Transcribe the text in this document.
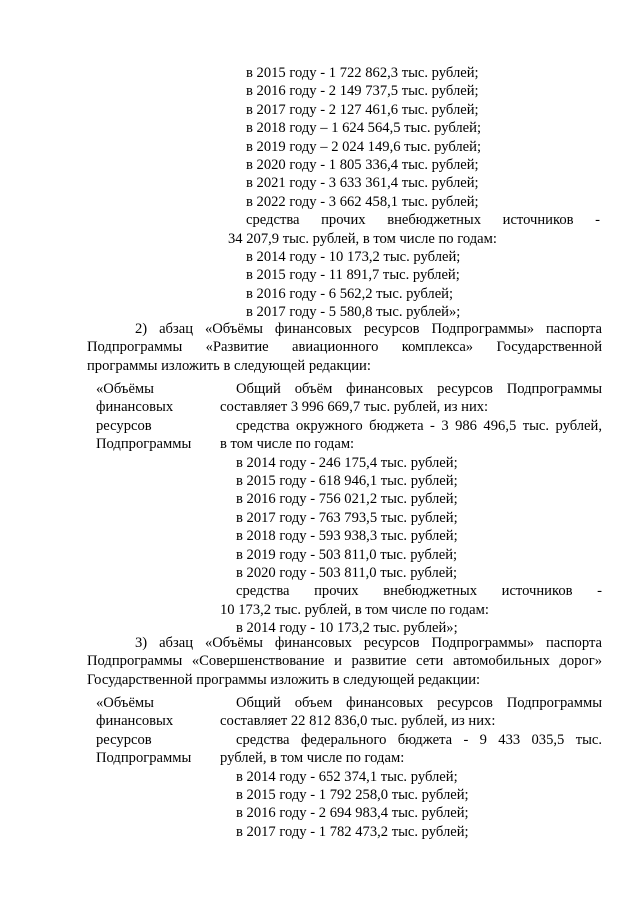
в 2015 году - 1 722 862,3 тыс. рублей;
в 2016 году - 2 149 737,5 тыс. рублей;
в 2017 году - 2 127 461,6 тыс. рублей;
в 2018 году – 1 624 564,5 тыс. рублей;
в 2019 году – 2 024 149,6 тыс. рублей;
в 2020 году - 1 805 336,4 тыс. рублей;
в 2021 году - 3 633 361,4 тыс. рублей;
в 2022 году - 3 662 458,1 тыс. рублей;
средства прочих внебюджетных источников -
34 207,9 тыс. рублей, в том числе по годам:
в 2014 году - 10 173,2 тыс. рублей;
в 2015 году - 11 891,7 тыс. рублей;
в 2016 году - 6 562,2 тыс. рублей;
в 2017 году - 5 580,8 тыс. рублей»;
2) абзац «Объёмы финансовых ресурсов Подпрограммы» паспорта
Подпрограммы «Развитие авиационного комплекса» Государственной
программы изложить в следующей редакции:
«Объёмы
финансовых
ресурсов
Подпрограммы
Общий объём финансовых ресурсов Подпрограммы
составляет 3 996 669,7 тыс. рублей, из них:
средства окружного бюджета - 3 986 496,5 тыс. рублей,
в том числе по годам:
в 2014 году - 246 175,4 тыс. рублей;
в 2015 году - 618 946,1 тыс. рублей;
в 2016 году - 756 021,2 тыс. рублей;
в 2017 году - 763 793,5 тыс. рублей;
в 2018 году - 593 938,3 тыс. рублей;
в 2019 году - 503 811,0 тыс. рублей;
в 2020 году - 503 811,0 тыс. рублей;
средства прочих внебюджетных источников -
10 173,2 тыс. рублей, в том числе по годам:
в 2014 году - 10 173,2 тыс. рублей»;
3) абзац «Объёмы финансовых ресурсов Подпрограммы» паспорта
Подпрограммы «Совершенствование и развитие сети автомобильных дорог»
Государственной программы изложить в следующей редакции:
«Объёмы
финансовых
ресурсов
Подпрограммы
Общий объем финансовых ресурсов Подпрограммы
составляет 22 812 836,0 тыс. рублей, из них:
средства федерального бюджета - 9 433 035,5 тыс.
рублей, в том числе по годам:
в 2014 году - 652 374,1 тыс. рублей;
в 2015 году - 1 792 258,0 тыс. рублей;
в 2016 году - 2 694 983,4 тыс. рублей;
в 2017 году - 1 782 473,2 тыс. рублей;
